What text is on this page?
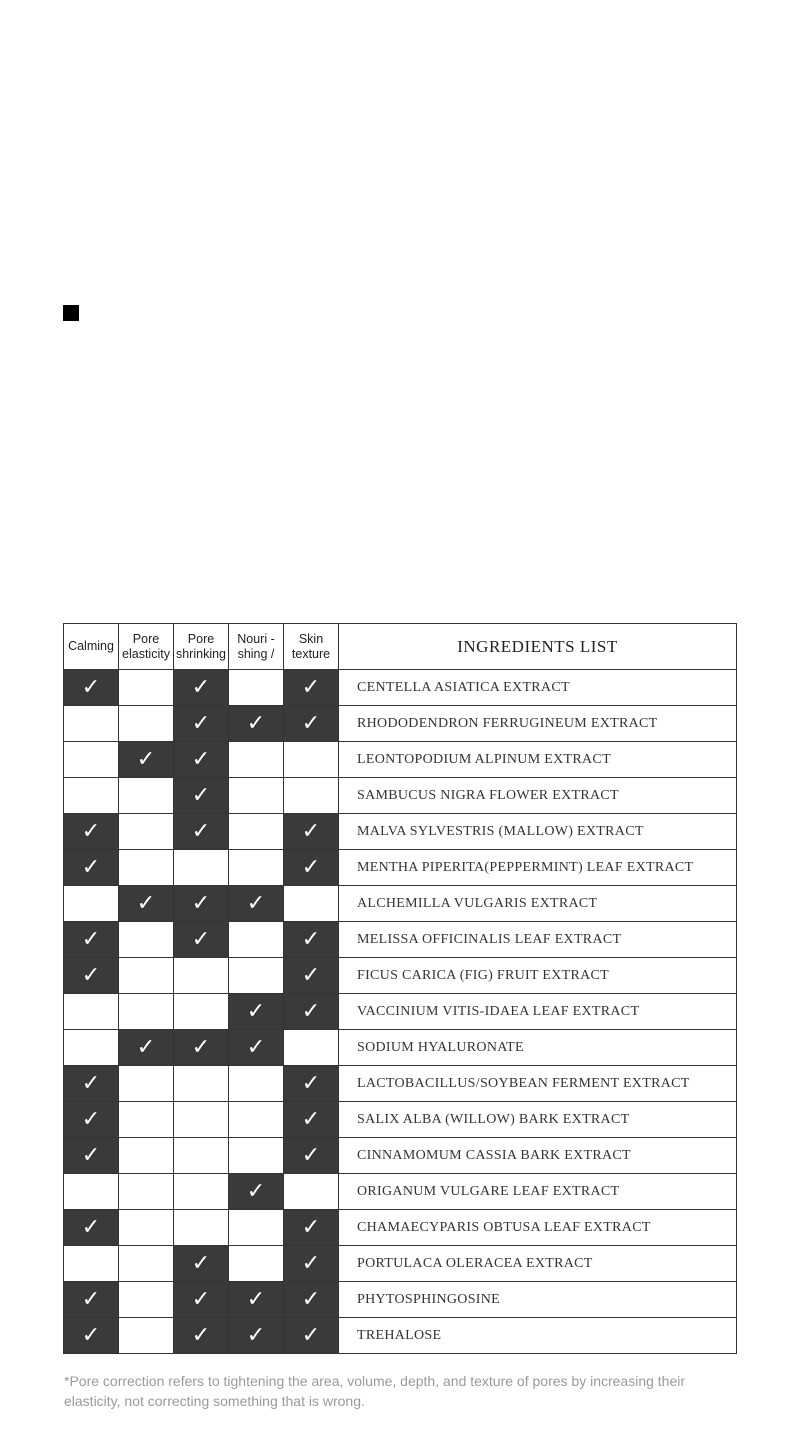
Calming	Pore elasticity	Pore shrinking	Nouri -shing /	Skin texture	INGREDIENTS LIST
✓		✓		✓	CENTELLA ASIATICA EXTRACT
		✓	✓	✓	RHODODENDRON FERRUGINEUM EXTRACT
	✓	✓			LEONTOPODIUM ALPINUM EXTRACT
		✓			SAMBUCUS NIGRA FLOWER EXTRACT
✓		✓		✓	MALVA SYLVESTRIS (MALLOW) EXTRACT
✓				✓	MENTHA PIPERITA(PEPPERMINT) LEAF EXTRACT
	✓	✓	✓		ALCHEMILLA VULGARIS EXTRACT
✓		✓		✓	MELISSA OFFICINALIS LEAF EXTRACT
✓				✓	FICUS CARICA (FIG) FRUIT EXTRACT
			✓	✓	VACCINIUM VITIS-IDAEA LEAF EXTRACT
	✓	✓	✓		SODIUM HYALURONATE
✓				✓	LACTOBACILLUS/SOYBEAN FERMENT EXTRACT
✓				✓	SALIX ALBA (WILLOW) BARK EXTRACT
✓				✓	CINNAMOMUM CASSIA BARK EXTRACT
			✓		ORIGANUM VULGARE LEAF EXTRACT
✓				✓	CHAMAECYPARIS OBTUSA LEAF EXTRACT
		✓		✓	PORTULACA OLERACEA EXTRACT
✓		✓	✓	✓	PHYTOSPHINGOSINE
✓		✓	✓	✓	TREHALOSE
*Pore correction refers to tightening the area, volume, depth, and texture of pores by increasing their elasticity, not correcting something that is wrong.
